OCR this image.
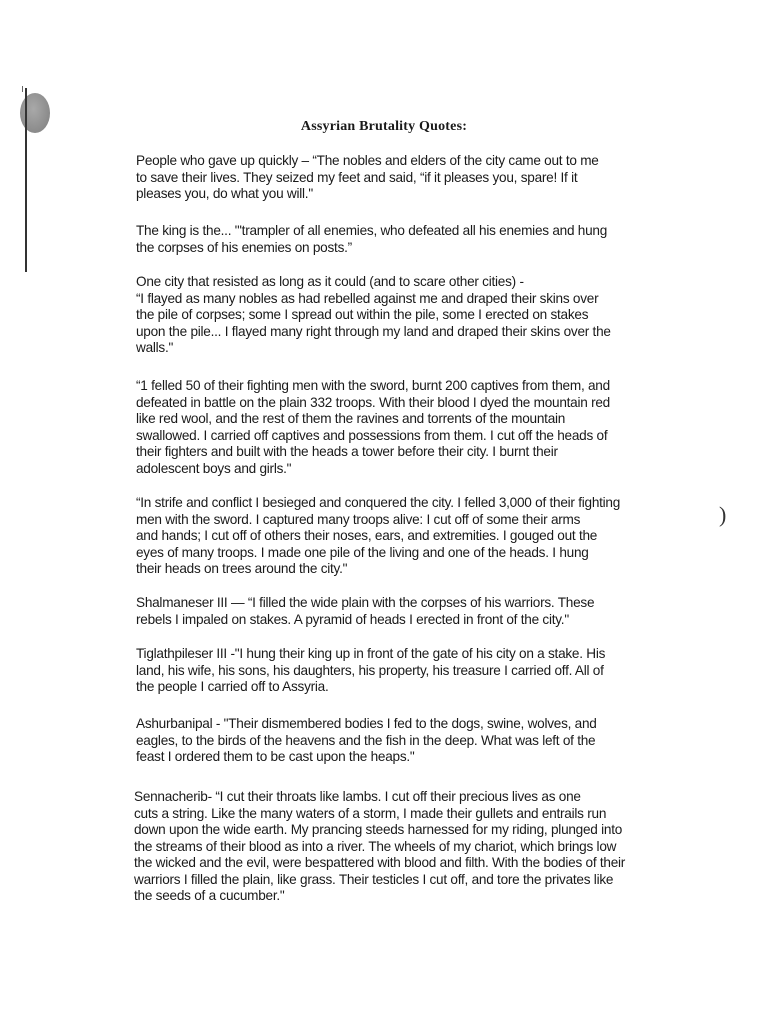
Assyrian Brutality Quotes:
People who gave up quickly – “The nobles and elders of the city came out to me
to save their lives. They seized my feet and said, “if it pleases you, spare! If it
pleases you, do what you will."
The king is the... "'trampler of all enemies, who defeated all his enemies and hung
the corpses of his enemies on posts.”
One city that resisted as long as it could (and to scare other cities) -
“I flayed as many nobles as had rebelled against me and draped their skins over
the pile of corpses; some I spread out within the pile, some I erected on stakes
upon the pile... I flayed many right through my land and draped their skins over the
walls."
“1 felled 50 of their fighting men with the sword, burnt 200 captives from them, and
defeated in battle on the plain 332 troops. With their blood I dyed the mountain red
like red wool, and the rest of them the ravines and torrents of the mountain
swallowed. I carried off captives and possessions from them. I cut off the heads of
their fighters and built with the heads a tower before their city. I burnt their
adolescent boys and girls."
“In strife and conflict I besieged and conquered the city. I felled 3,000 of their fighting
men with the sword. I captured many troops alive: I cut off of some their arms
and hands; I cut off of others their noses, ears, and extremities. I gouged out the
eyes of many troops. I made one pile of the living and one of the heads. I hung
their heads on trees around the city."
Shalmaneser III — “I filled the wide plain with the corpses of his warriors. These
rebels I impaled on stakes. A pyramid of heads I erected in front of the city."
Tiglathpileser III -"I hung their king up in front of the gate of his city on a stake. His
land, his wife, his sons, his daughters, his property, his treasure I carried off. All of
the people I carried off to Assyria.
Ashurbanipal - "Their dismembered bodies I fed to the dogs, swine, wolves, and
eagles, to the birds of the heavens and the fish in the deep. What was left of the
feast I ordered them to be cast upon the heaps."
Sennacherib- “I cut their throats like lambs. I cut off their precious lives as one
cuts a string. Like the many waters of a storm, I made their gullets and entrails run
down upon the wide earth. My prancing steeds harnessed for my riding, plunged into
the streams of their blood as into a river. The wheels of my chariot, which brings low
the wicked and the evil, were bespattered with blood and filth. With the bodies of their
warriors I filled the plain, like grass. Their testicles I cut off, and tore the privates like
the seeds of a cucumber."
)
